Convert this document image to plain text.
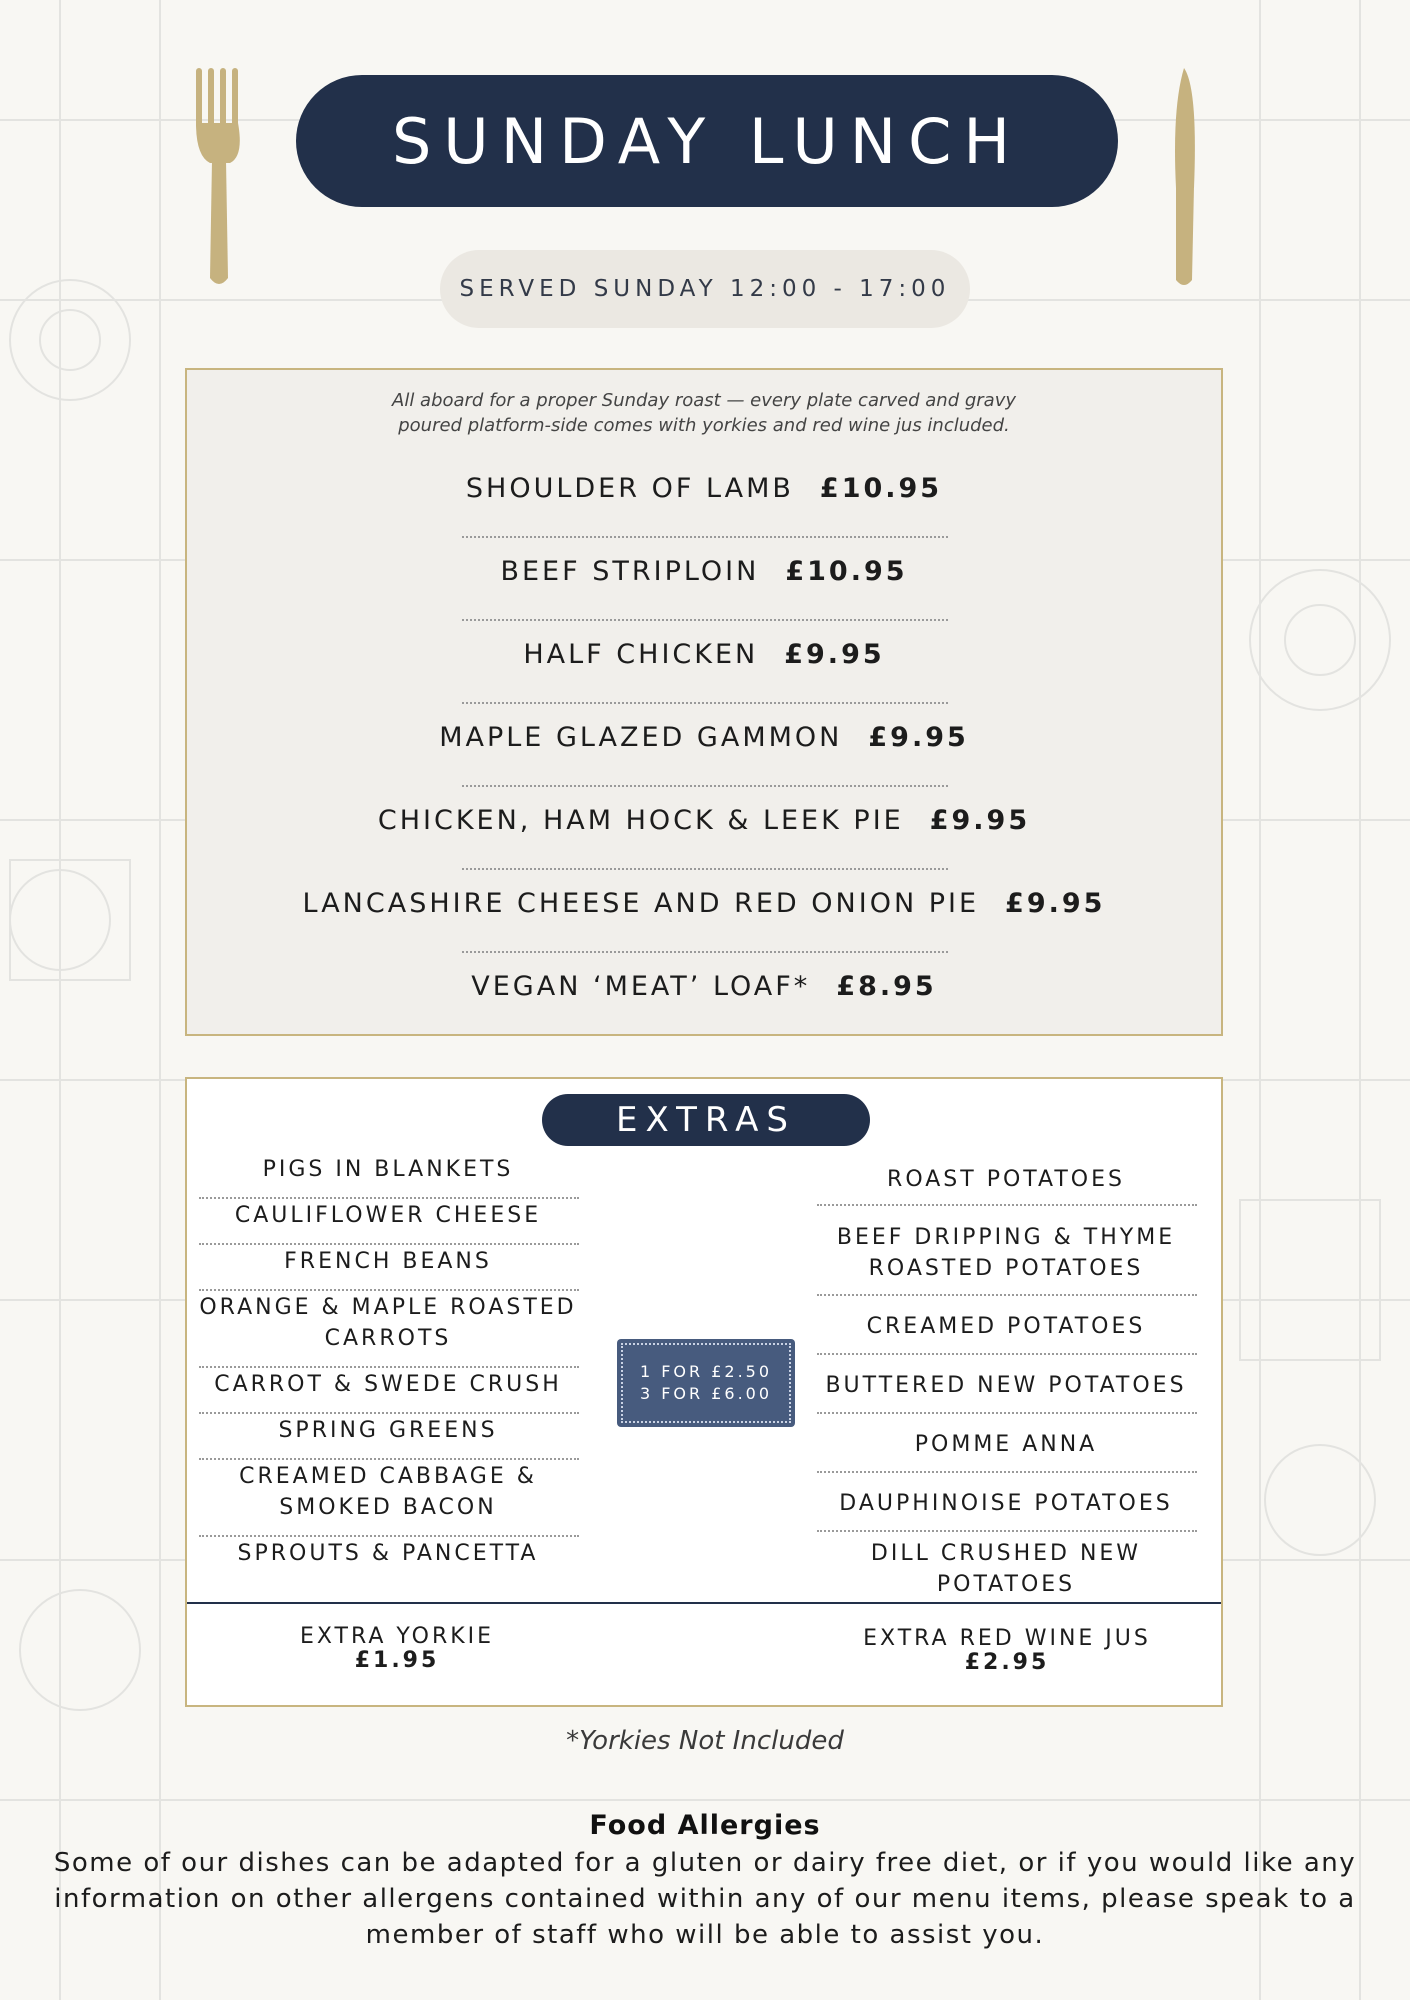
SUNDAY LUNCH
SERVED SUNDAY 12:00 - 17:00
All aboard for a proper Sunday roast — every plate carved and gravy
poured platform-side comes with yorkies and red wine jus included.
SHOULDER OF LAMB £10.95
BEEF STRIPLOIN £10.95
HALF CHICKEN £9.95
MAPLE GLAZED GAMMON £9.95
CHICKEN, HAM HOCK & LEEK PIE £9.95
LANCASHIRE CHEESE AND RED ONION PIE £9.95
VEGAN ‘MEAT’ LOAF* £8.95
EXTRAS
PIGS IN BLANKETS
CAULIFLOWER CHEESE
FRENCH BEANS
ORANGE & MAPLE ROASTED
CARROTS
CARROT & SWEDE CRUSH
SPRING GREENS
CREAMED CABBAGE &
SMOKED BACON
SPROUTS & PANCETTA
1 FOR £2.50
3 FOR £6.00
ROAST POTATOES
BEEF DRIPPING & THYME
ROASTED POTATOES
CREAMED POTATOES
BUTTERED NEW POTATOES
POMME ANNA
DAUPHINOISE POTATOES
DILL CRUSHED NEW POTATOES
EXTRA YORKIE
£1.95
EXTRA RED WINE JUS
£2.95
*Yorkies Not Included
Food Allergies
Some of our dishes can be adapted for a gluten or dairy free diet, or if you would like any information on other allergens contained within any of our menu items, please speak to a member of staff who will be able to assist you.
